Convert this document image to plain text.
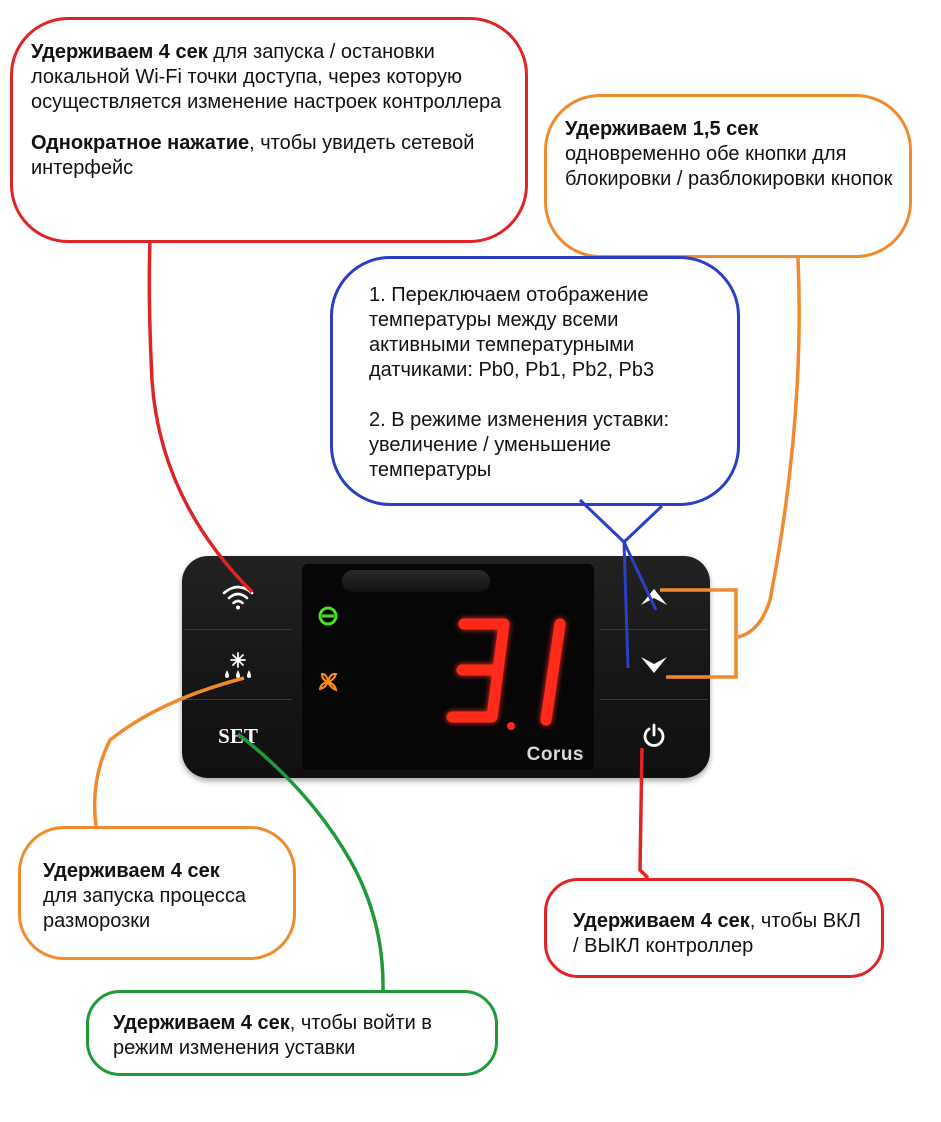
Удерживаем 4 сек для запуска / остановки локальной Wi-Fi точки доступа, через которую осуществляется изменение настроек контроллера

Однократное нажатие, чтобы увидеть сетевой интерфейс

Удерживаем 1,5 сек
одновременно обе кнопки для блокировки / разблокировки кнопок

1. Переключаем отображение температуры между всеми активными температурными датчиками: Pb0, Pb1, Pb2, Pb3

2. В режиме изменения уставки: увеличение / уменьшение температуры

Удерживаем 4 сек
для запуска процесса разморозки	Удерживаем 4 сек, чтобы ВКЛ / ВЫКЛ контроллер

Удерживаем 4 сек, чтобы войти в режим изменения уставки

SET
Corus
